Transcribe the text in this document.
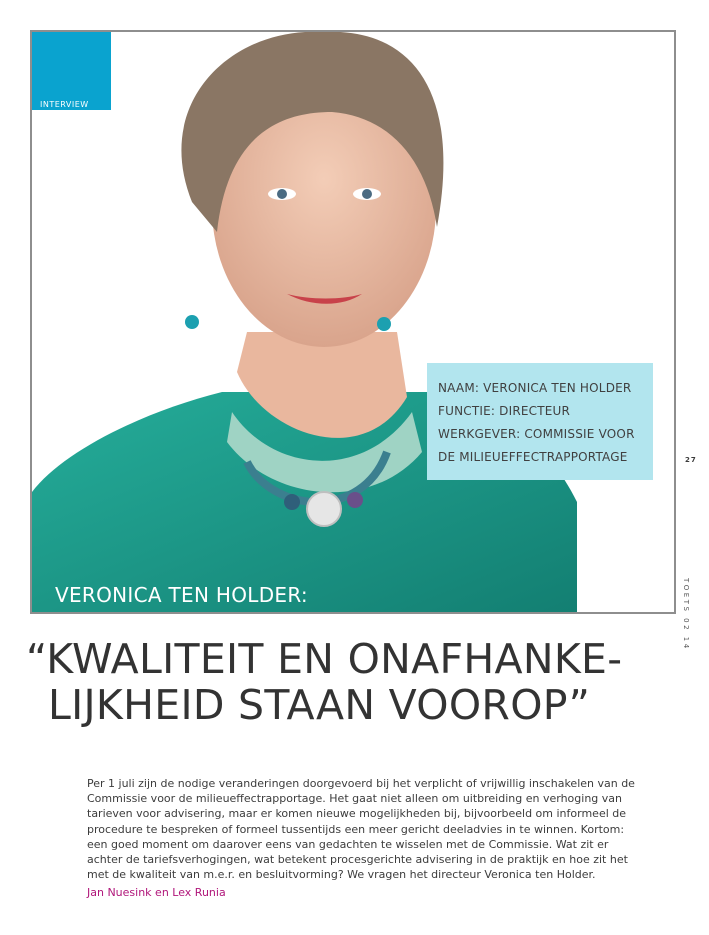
INTERVIEW
NAAM: VERONICA TEN HOLDER
FUNCTIE: DIRECTEUR
WERKGEVER: COMMISSIE VOOR
DE MILIEUEFFECTRAPPORTAGE	27
TOETS 02 14
VERONICA TEN HOLDER:
“KWALITEIT EN ONAFHANKE-
LIJKHEID STAAN VOOROP”

Per 1 juli zijn de nodige veranderingen doorgevoerd bij het verplicht of vrijwillig inschakelen van de Commissie voor de milieueffectrapportage. Het gaat niet alleen om uitbreiding en verhoging van tarieven voor advisering, maar er komen nieuwe mogelijkheden bij, bijvoorbeeld om informeel de procedure te bespreken of formeel tussentijds een meer gericht deeladvies in te winnen. Kortom: een goed moment om daarover eens van gedachten te wisselen met de Commissie. Wat zit er achter de tariefsverhogingen, wat betekent procesgerichte advisering in de praktijk en hoe zit het met de kwaliteit van m.e.r. en besluitvorming? We vragen het directeur Veronica ten Holder.

Jan Nuesink en Lex Runia
